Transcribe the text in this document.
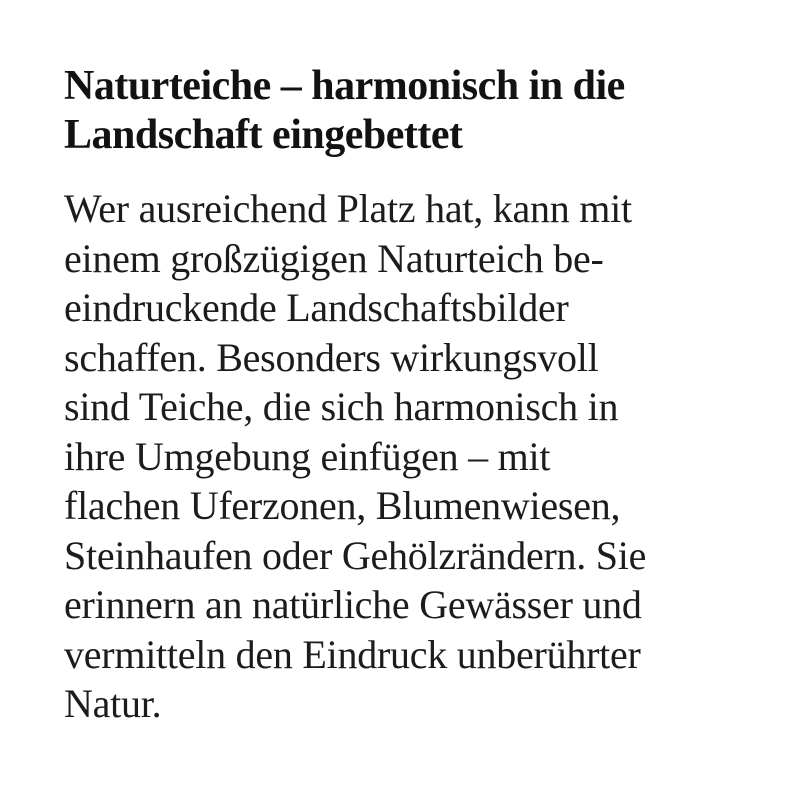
Naturteiche – harmonisch in die
Landschaft eingebettet

Wer ausreichend Platz hat, kann mit
einem großzügigen Naturteich be-
eindruckende Landschaftsbilder
schaffen. Besonders wirkungsvoll
sind Teiche, die sich harmonisch in
ihre Umgebung einfügen – mit
flachen Uferzonen, Blumenwiesen,
Steinhaufen oder Gehölzrändern. Sie
erinnern an natürliche Gewässer und
vermitteln den Eindruck unberührter
Natur.
